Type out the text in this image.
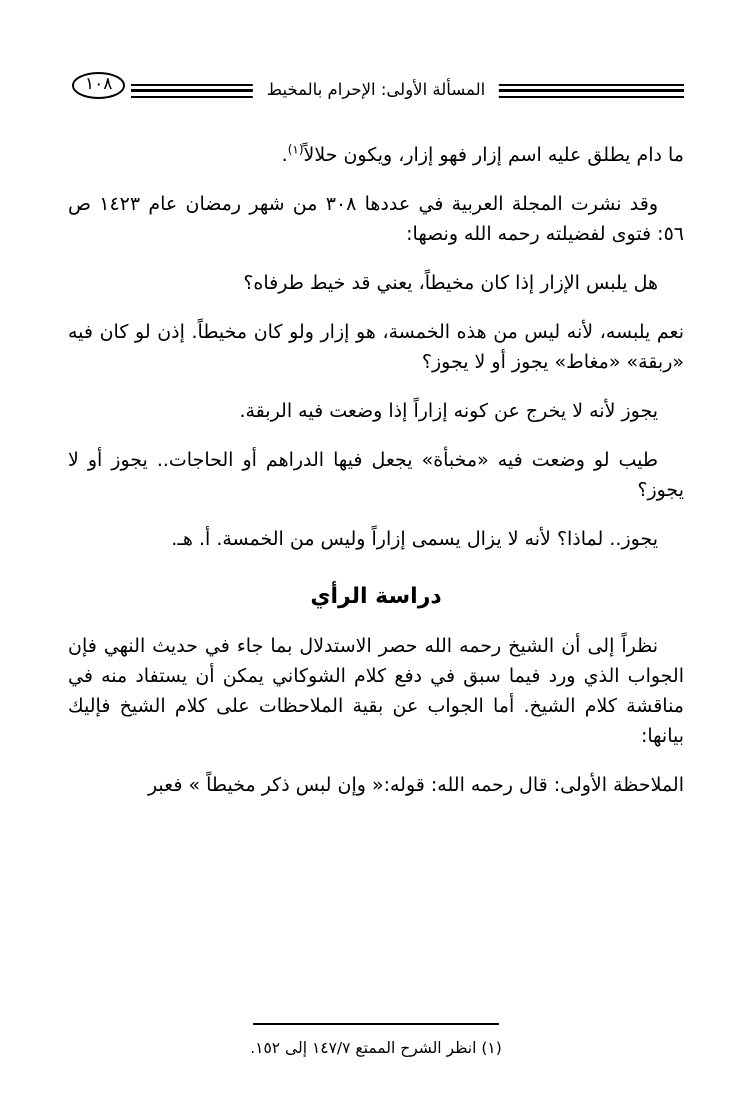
المسألة الأولى: الإحرام بالمخيط
١٠٨

ما دام يطلق عليه اسم إزار فهو إزار، ويكون حلالاً$^{(١)}$.

وقد نشرت المجلة العربية في عددها ٣٠٨ من شهر رمضان عام ١٤٢٣ ص ٥٦: فتوى لفضيلته رحمه الله ونصها:

هل يلبس الإزار إذا كان مخيطاً، يعني قد خيط طرفاه؟

نعم يلبسه، لأنه ليس من هذه الخمسة، هو إزار ولو كان مخيطاً. إذن لو كان فيه «ربقة» «مغاط» يجوز أو لا يجوز؟

يجوز لأنه لا يخرج عن كونه إزاراً إذا وضعت فيه الربقة.

طيب لو وضعت فيه «مخبأة» يجعل فيها الدراهم أو الحاجات.. يجوز أو لا يجوز؟

يجوز.. لماذا؟ لأنه لا يزال يسمى إزاراً وليس من الخمسة. أ. هـ.

دراسة الرأي

نظراً إلى أن الشيخ رحمه الله حصر الاستدلال بما جاء في حديث النهي فإن الجواب الذي ورد فيما سبق في دفع كلام الشوكاني يمكن أن يستفاد منه في مناقشة كلام الشيخ. أما الجواب عن بقية الملاحظات على كلام الشيخ فإليك بيانها:

الملاحظة الأولى: قال رحمه الله: قوله:« وإن لبس ذكر مخيطاً » فعبر

(١) انظر الشرح الممتع ١٤٧/٧ إلى ١٥٢.
